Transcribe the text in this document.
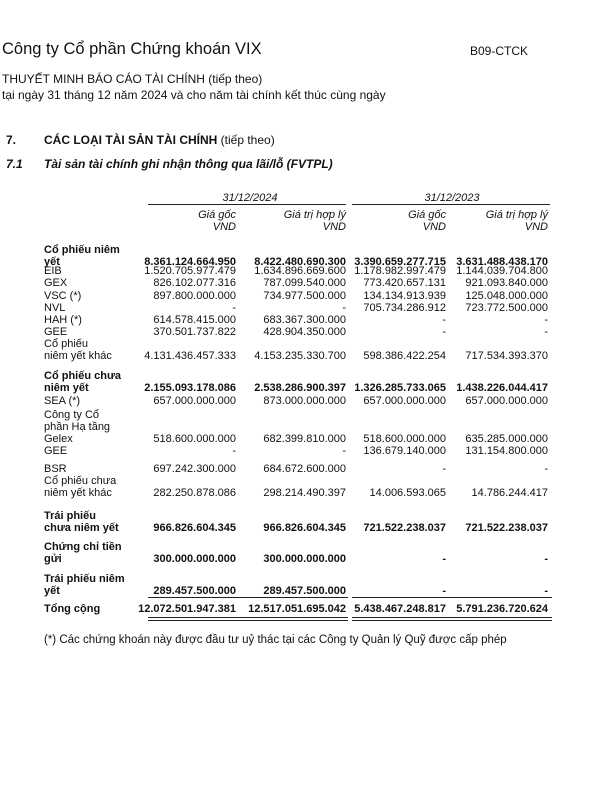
Công ty Cổ phần Chứng khoán VIX	B09-CTCK
THUYẾT MINH BÁO CÁO TÀI CHÍNH (tiếp theo)
tại ngày 31 tháng 12 năm 2024 và cho năm tài chính kết thúc cùng ngày
7. CÁC LOẠI TÀI SẢN TÀI CHÍNH (tiếp theo)
7.1 Tài sản tài chính ghi nhận thông qua lãi/lỗ (FVTPL)
31/12/2024	31/12/2023
Giá gốc
VND
Giá trị hợp lý
VND
Giá gốc
VND
Giá trị hợp lý
VND
Cổ phiếu niêm
yết	8.361.124.664.950 8.422.480.690.300 3.390.659.277.715 3.631.488.438.170
EIB	1.520.705.977.479 1.634.896.669.600 1.178.982.997.479 1.144.039.704.800
GEX	826.102.077.316 787.099.540.000 773.420.657.131 921.093.840.000
VSC (*)	897.800.000.000 734.977.500.000 134.134.913.939 125.048.000.000
NVL	-	- 705.734.286.912 723.772.500.000
HAH (*)	614.578.415.000 683.367.300.000	-	-
GEE	370.501.737.822 428.904.350.000	-	-
Cổ phiếu
niêm yết khác	4.131.436.457.333 4.153.235.330.700 598.386.422.254 717.534.393.370
Cổ phiếu chưa
niêm yết	2.155.093.178.086 2.538.286.900.397 1.326.285.733.065 1.438.226.044.417
SEA (*)	657.000.000.000 873.000.000.000 657.000.000.000 657.000.000.000
Công ty Cổ
phần Hạ tầng
Gelex	518.600.000.000 682.399.810.000 518.600.000.000 635.285.000.000
GEE	-	- 136.679.140.000 131.154.800.000
BSR	697.242.300.000 684.672.600.000	-	-
Cổ phiếu chưa
niêm yết khác	282.250.878.086 298.214.490.397 14.006.593.065 14.786.244.417
Trái phiếu
chưa niêm yết	966.826.604.345 966.826.604.345 721.522.238.037 721.522.238.037
Chứng chỉ tiền
gửi	300.000.000.000 300.000.000.000	-	-
Trái phiếu niêm
yết	289.457.500.000 289.457.500.000	-	-
Tổng cộng	12.072.501.947.381 12.517.051.695.042 5.438.467.248.817 5.791.236.720.624
(*) Các chứng khoán này được đầu tư uỷ thác tại các Công ty Quản lý Quỹ được cấp phép
